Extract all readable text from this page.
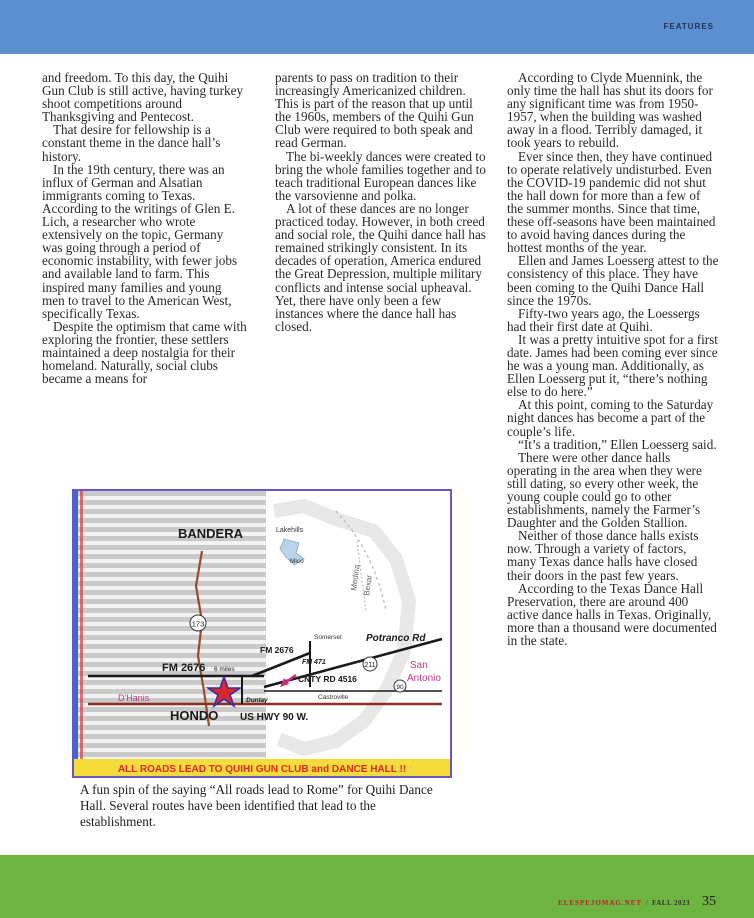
FEATURES

and freedom. To this day, the Quihi Gun Club is still active, having turkey shoot competitions around Thanksgiving and Pentecost.

That desire for fellowship is a constant theme in the dance hall’s history.

In the 19th century, there was an influx of German and Alsatian immigrants coming to Texas. According to the writings of Glen E. Lich, a researcher who wrote extensively on the topic, Germany was going through a period of economic instability, with fewer jobs and available land to farm. This inspired many families and young men to travel to the American West, specifically Texas.

Despite the optimism that came with exploring the frontier, these settlers maintained a deep nostalgia for their homeland. Naturally, social clubs became a means for

parents to pass on tradition to their increasingly Americanized children. This is part of the reason that up until the 1960s, members of the Quihi Gun Club were required to both speak and read German.

The bi-weekly dances were created to bring the whole families together and to teach traditional European dances like the varsovienne and polka.

A lot of these dances are no longer practiced today. However, in both creed and social role, the Quihi dance hall has remained strikingly consistent. In its decades of operation, America endured the Great Depression, multiple military conflicts and intense social upheaval. Yet, there have only been a few instances where the dance hall has closed.

According to Clyde Muennink, the only time the hall has shut its doors for any significant time was from 1950-1957, when the building was washed away in a flood. Terribly damaged, it took years to rebuild.

Ever since then, they have continued to operate relatively undisturbed. Even the COVID-19 pandemic did not shut the hall down for more than a few of the summer months. Since that time, these off-seasons have been maintained to avoid having dances during the hottest months of the year.

Ellen and James Loesserg attest to the consistency of this place. They have been coming to the Quihi Dance Hall since the 1970s.

Fifty-two years ago, the Loessergs had their first date at Quihi.

It was a pretty intuitive spot for a first date. James had been coming ever since he was a young man. Additionally, as Ellen Loesserg put it, “there’s nothing else to do here.”

At this point, coming to the Saturday night dances has become a part of the couple’s life.

“It’s a tradition,” Ellen Loesserg said.

There were other dance halls operating in the area when they were still dating, so every other week, the young couple could go to other establishments, namely the Farmer’s Daughter and the Golden Stallion.

Neither of those dance halls exists now. Through a variety of factors, many Texas dance halls have closed their doors in the past few years.

According to the Texas Dance Hall Preservation, there are around 400 active dance halls in Texas. Originally, more than a thousand were documented in the state.

173
211
90
BANDERA	Lakehills
Mico
Medina Bexar
FM 2676
FM 471
FM 2676 6 miles
Somerset Potranco Rd
San
Antonio
CNTY RD 4516
D'Hanis	Dunlay	Castroville
HONDO US HWY 90 W.
ALL ROADS LEAD TO QUIHI GUN CLUB and DANCE HALL !!
A fun spin of the saying “All roads lead to Rome” for Quihi Dance Hall. Several routes have been identified that lead to the establishment.
ELESPEJOMAG.NET / FALL 2023 35
